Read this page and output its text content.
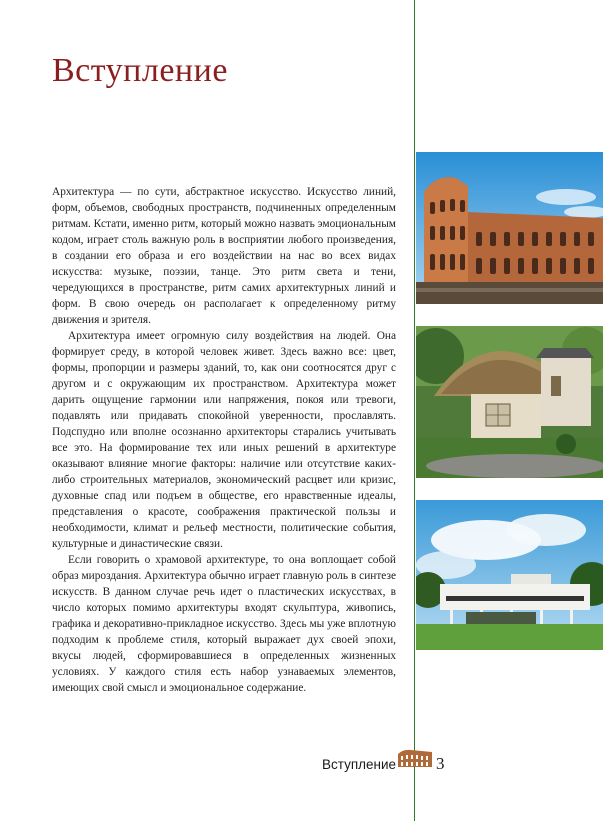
Вступление

Архитектура — по сути, абстрактное искусство. Искусство линий, форм, объемов, свободных пространств, подчиненных определенным ритмам. Кстати, именно ритм, который можно назвать эмоциональным кодом, играет столь важную роль в восприятии любого произведения, в создании его образа и его воздействии на нас во всех видах искусства: музыке, поэзии, танце. Это ритм света и тени, чередующихся в пространстве, ритм самих архитектурных линий и форм. В свою очередь он располагает к определенному ритму движения и зрителя.

Архитектура имеет огромную силу воздействия на людей. Она формирует среду, в которой человек живет. Здесь важно все: цвет, формы, пропорции и размеры зданий, то, как они соотносятся друг с другом и с окружающим их пространством. Архитектура может дарить ощущение гармонии или напряжения, покоя или тревоги, подавлять или придавать спокойной уверенности, прославлять. Подспудно или вполне осознанно архитекторы старались учитывать все это. На формирование тех или иных решений в архитектуре оказывают влияние многие факторы: наличие или отсутствие каких-либо строительных материалов, экономический расцвет или кризис, духовные спад или подъем в обществе, его нравственные идеалы, представления о красоте, соображения практической пользы и необходимости, климат и рельеф местности, политические события, культурные и династические связи.

Если говорить о храмовой архитектуре, то она воплощает собой образ мироздания. Архитектура обычно играет главную роль в синтезе искусств. В данном случае речь идет о пластических искусствах, в число которых помимо архитектуры входят скульптура, живопись, графика и декоративно-прикладное искусство. Здесь мы уже вплотную подходим к проблеме стиля, который выражает дух своей эпохи, вкусы людей, сформировавшиеся в определенных жизненных условиях. У каждого стиля есть набор узнаваемых элементов, имеющих свой смысл и эмоциональное содержание.

Вступление 3
